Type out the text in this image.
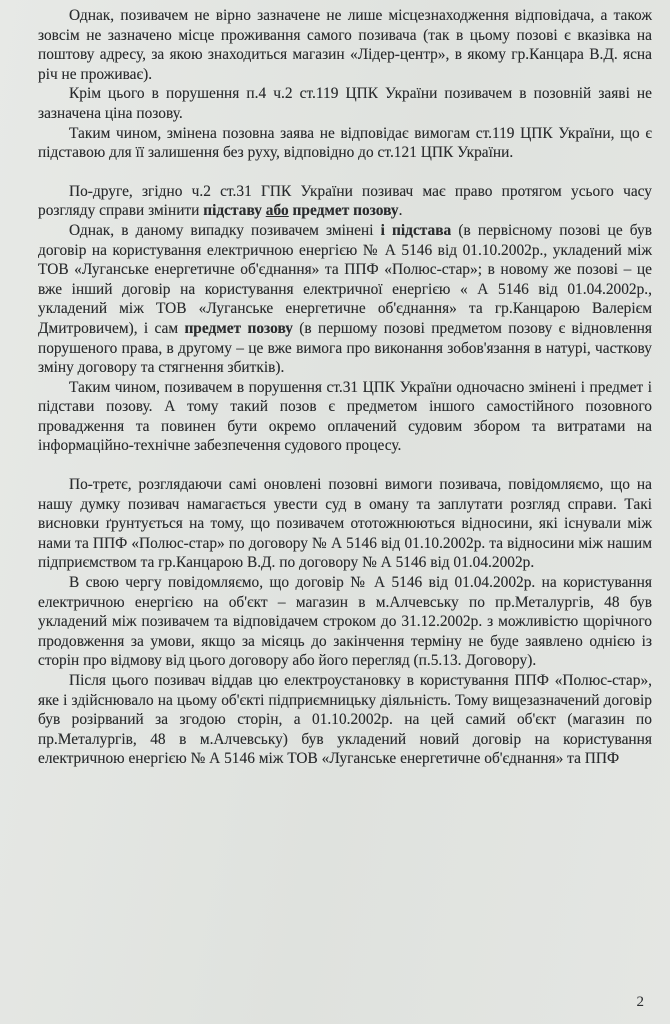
Однак, позивачем не вірно зазначене не лише місцезнаходження відповідача, а також зовсім не зазначено місце проживання самого позивача (так в цьому позові є вказівка на поштову адресу, за якою знаходиться магазин «Лідер-центр», в якому гр.Канцара В.Д. ясна річ не проживає).

Крім цього в порушення п.4 ч.2 ст.119 ЦПК України позивачем в позовній заяві не зазначена ціна позову.

Таким чином, змінена позовна заява не відповідає вимогам ст.119 ЦПК України, що є підставою для її залишення без руху, відповідно до ст.121 ЦПК України.

По-друге, згідно ч.2 ст.31 ГПК України позивач має право протягом усього часу розгляду справи змінити підставу або предмет позову.

Однак, в даному випадку позивачем змінені і підстава (в первісному позові це був договір на користування електричною енергією № А 5146 від 01.10.2002р., укладений між ТОВ «Луганське енергетичне об'єднання» та ППФ «Полюс-стар»; в новому же позові – це вже інший договір на користування електричної енергією « А 5146 від 01.04.2002р., укладений між ТОВ «Луганське енергетичне об'єднання» та гр.Канцарою Валерієм Дмитровичем), і сам предмет позову (в першому позові предметом позову є відновлення порушеного права, в другому – це вже вимога про виконання зобов'язання в натурі, часткову зміну договору та стягнення збитків).

Таким чином, позивачем в порушення ст.31 ЦПК України одночасно змінені і предмет і підстави позову. А тому такий позов є предметом іншого самостійного позовного провадження та повинен бути окремо оплачений судовим збором та витратами на інформаційно-технічне забезпечення судового процесу.

По-третє, розглядаючи самі оновлені позовні вимоги позивача, повідомляємо, що на нашу думку позивач намагається увести суд в оману та заплутати розгляд справи. Такі висновки ґрунтується на тому, що позивачем ототожнюються відносини, які існували між нами та ППФ «Полюс-стар» по договору № А 5146 від 01.10.2002р. та відносини між нашим підприємством та гр.Канцарою В.Д. по договору № А 5146 від 01.04.2002р.

В свою чергу повідомляємо, що договір № А 5146 від 01.04.2002р. на користування електричною енергією на об'єкт – магазин в м.Алчевську по пр.Металургів, 48 був укладений між позивачем та відповідачем строком до 31.12.2002р. з можливістю щорічного продовження за умови, якщо за місяць до закінчення терміну не буде заявлено однією із сторін про відмову від цього договору або його перегляд (п.5.13. Договору).

Після цього позивач віддав цю електроустановку в користування ППФ «Полюс-стар», яке і здійснювало на цьому об'єкті підприємницьку діяльність. Тому вищезазначений договір був розірваний за згодою сторін, а 01.10.2002р. на цей самий об'єкт (магазин по пр.Металургів, 48 в м.Алчевську) був укладений новий договір на користування електричною енергією № А 5146 між ТОВ «Луганське енергетичне об'єднання» та ППФ

2
